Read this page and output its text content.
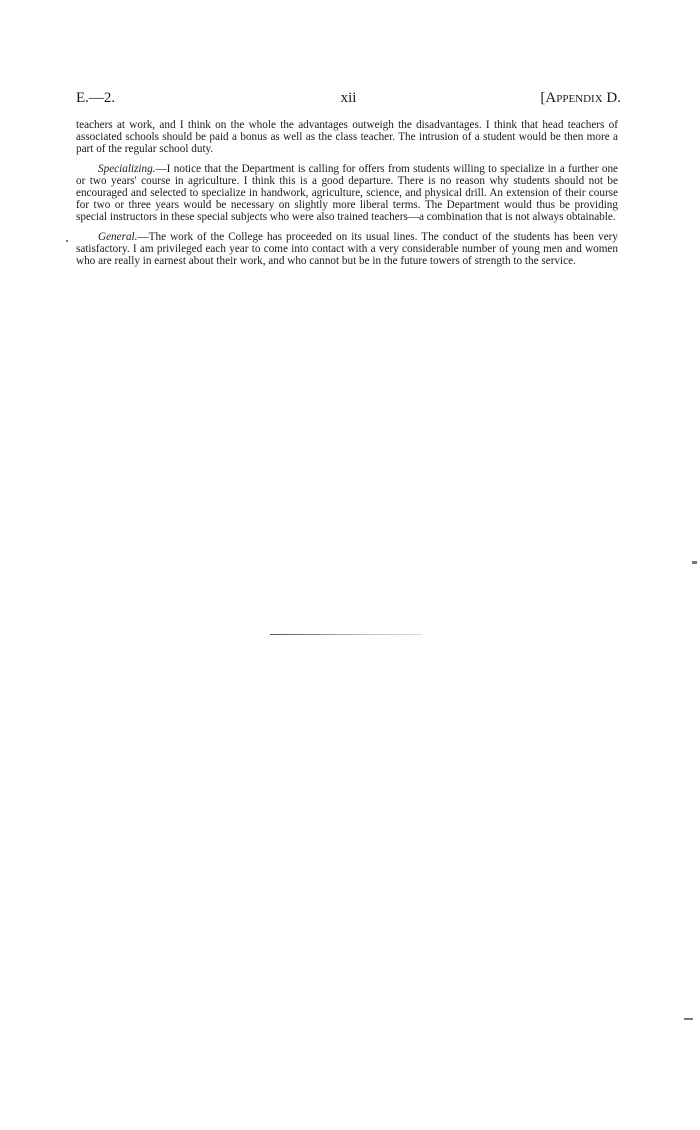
E.—2.	xii	[Appendix D.

teachers at work, and I think on the whole the advantages outweigh the disadvantages. I think that head teachers of associated schools should be paid a bonus as well as the class teacher. The intrusion of a student would be then more a part of the regular school duty.

Specializing.—I notice that the Department is calling for offers from students willing to specialize in a further one or two years' course in agriculture. I think this is a good departure. There is no reason why students should not be encouraged and selected to specialize in handwork, agriculture, science, and physical drill. An extension of their course for two or three years would be necessary on slightly more liberal terms. The Department would thus be providing special instructors in these special subjects who were also trained teachers—a combination that is not always obtainable.

General.—The work of the College has proceeded on its usual lines. The conduct of the students has been very satisfactory. I am privileged each year to come into contact with a very considerable number of young men and women who are really in earnest about their work, and who cannot but be in the future towers of strength to the service.
